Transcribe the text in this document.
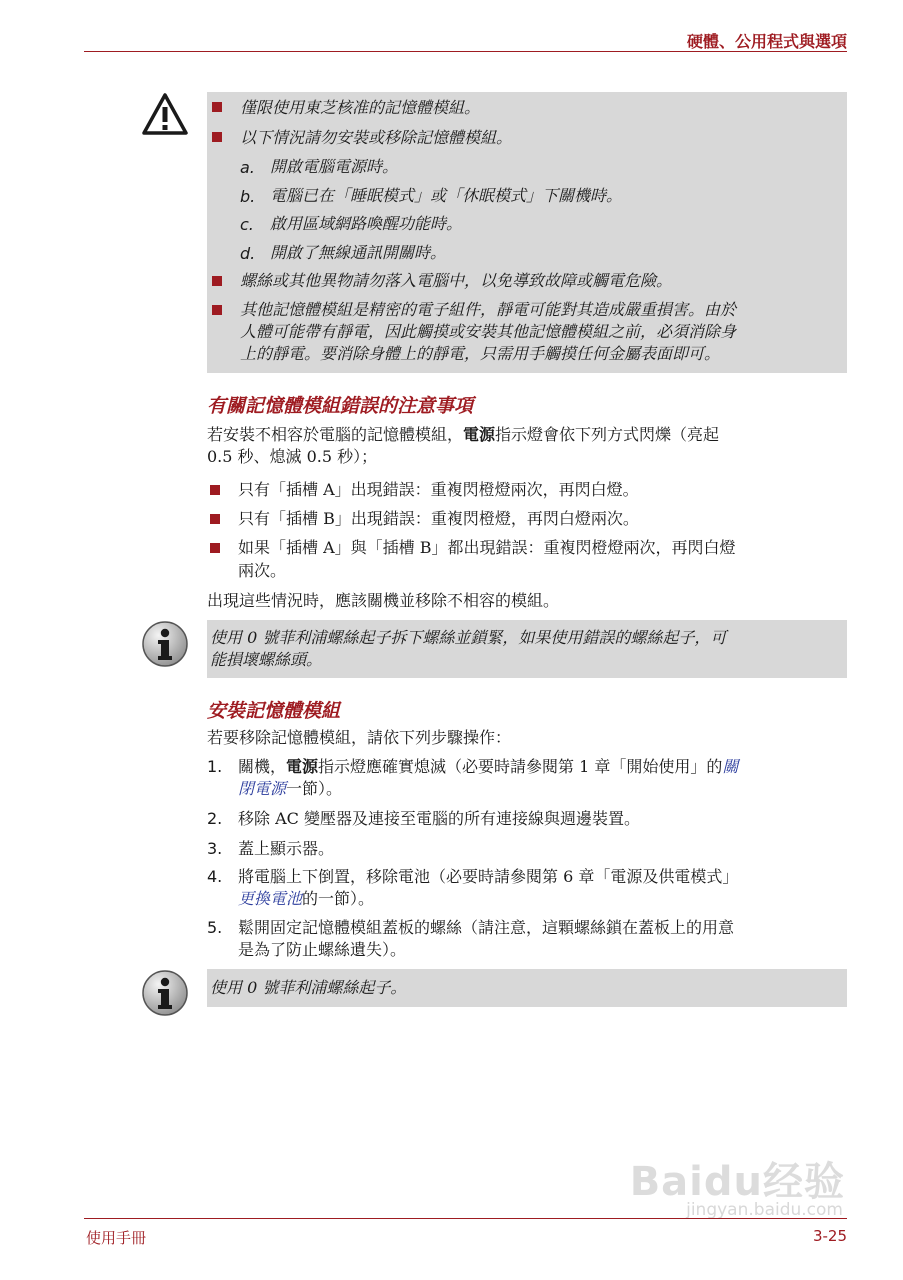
硬體、公用程式與選項
僅限使用東芝核准的記憶體模組。
以下情況請勿安裝或移除記憶體模組。
a. 開啟電腦電源時。
b. 電腦已在「睡眠模式」或「休眠模式」下關機時。
c. 啟用區域網路喚醒功能時。
d. 開啟了無線通訊開關時。
螺絲或其他異物請勿落入電腦中，以免導致故障或觸電危險。
其他記憶體模組是精密的電子組件，靜電可能對其造成嚴重損害。由於
人體可能帶有靜電，因此觸摸或安裝其他記憶體模組之前，必須消除身
上的靜電。要消除身體上的靜電，只需用手觸摸任何金屬表面即可。
有關記憶體模組錯誤的注意事項
若安裝不相容於電腦的記憶體模組，電源指示燈會依下列方式閃爍（亮起
0.5 秒、熄滅 0.5 秒）；
只有「插槽 A」出現錯誤：重複閃橙燈兩次，再閃白燈。
只有「插槽 B」出現錯誤：重複閃橙燈，再閃白燈兩次。
如果「插槽 A」與「插槽 B」都出現錯誤：重複閃橙燈兩次，再閃白燈
兩次。
出現這些情況時，應該關機並移除不相容的模組。
使用 0 號菲利浦螺絲起子拆下螺絲並鎖緊，如果使用錯誤的螺絲起子，可
能損壞螺絲頭。
安裝記憶體模組
若要移除記憶體模組，請依下列步驟操作：
1. 關機，電源指示燈應確實熄滅（必要時請參閱第 1 章「開始使用」的關
閉電源一節）。
2. 移除 AC 變壓器及連接至電腦的所有連接線與週邊裝置。
3. 蓋上顯示器。
4. 將電腦上下倒置，移除電池（必要時請參閱第 6 章「電源及供電模式」
更換電池的一節）。
5. 鬆開固定記憶體模組蓋板的螺絲（請注意，這顆螺絲鎖在蓋板上的用意
是為了防止螺絲遺失）。
使用 0 號菲利浦螺絲起子。
Baidu经验
jingyan.baidu.com
使用手冊	3-25
